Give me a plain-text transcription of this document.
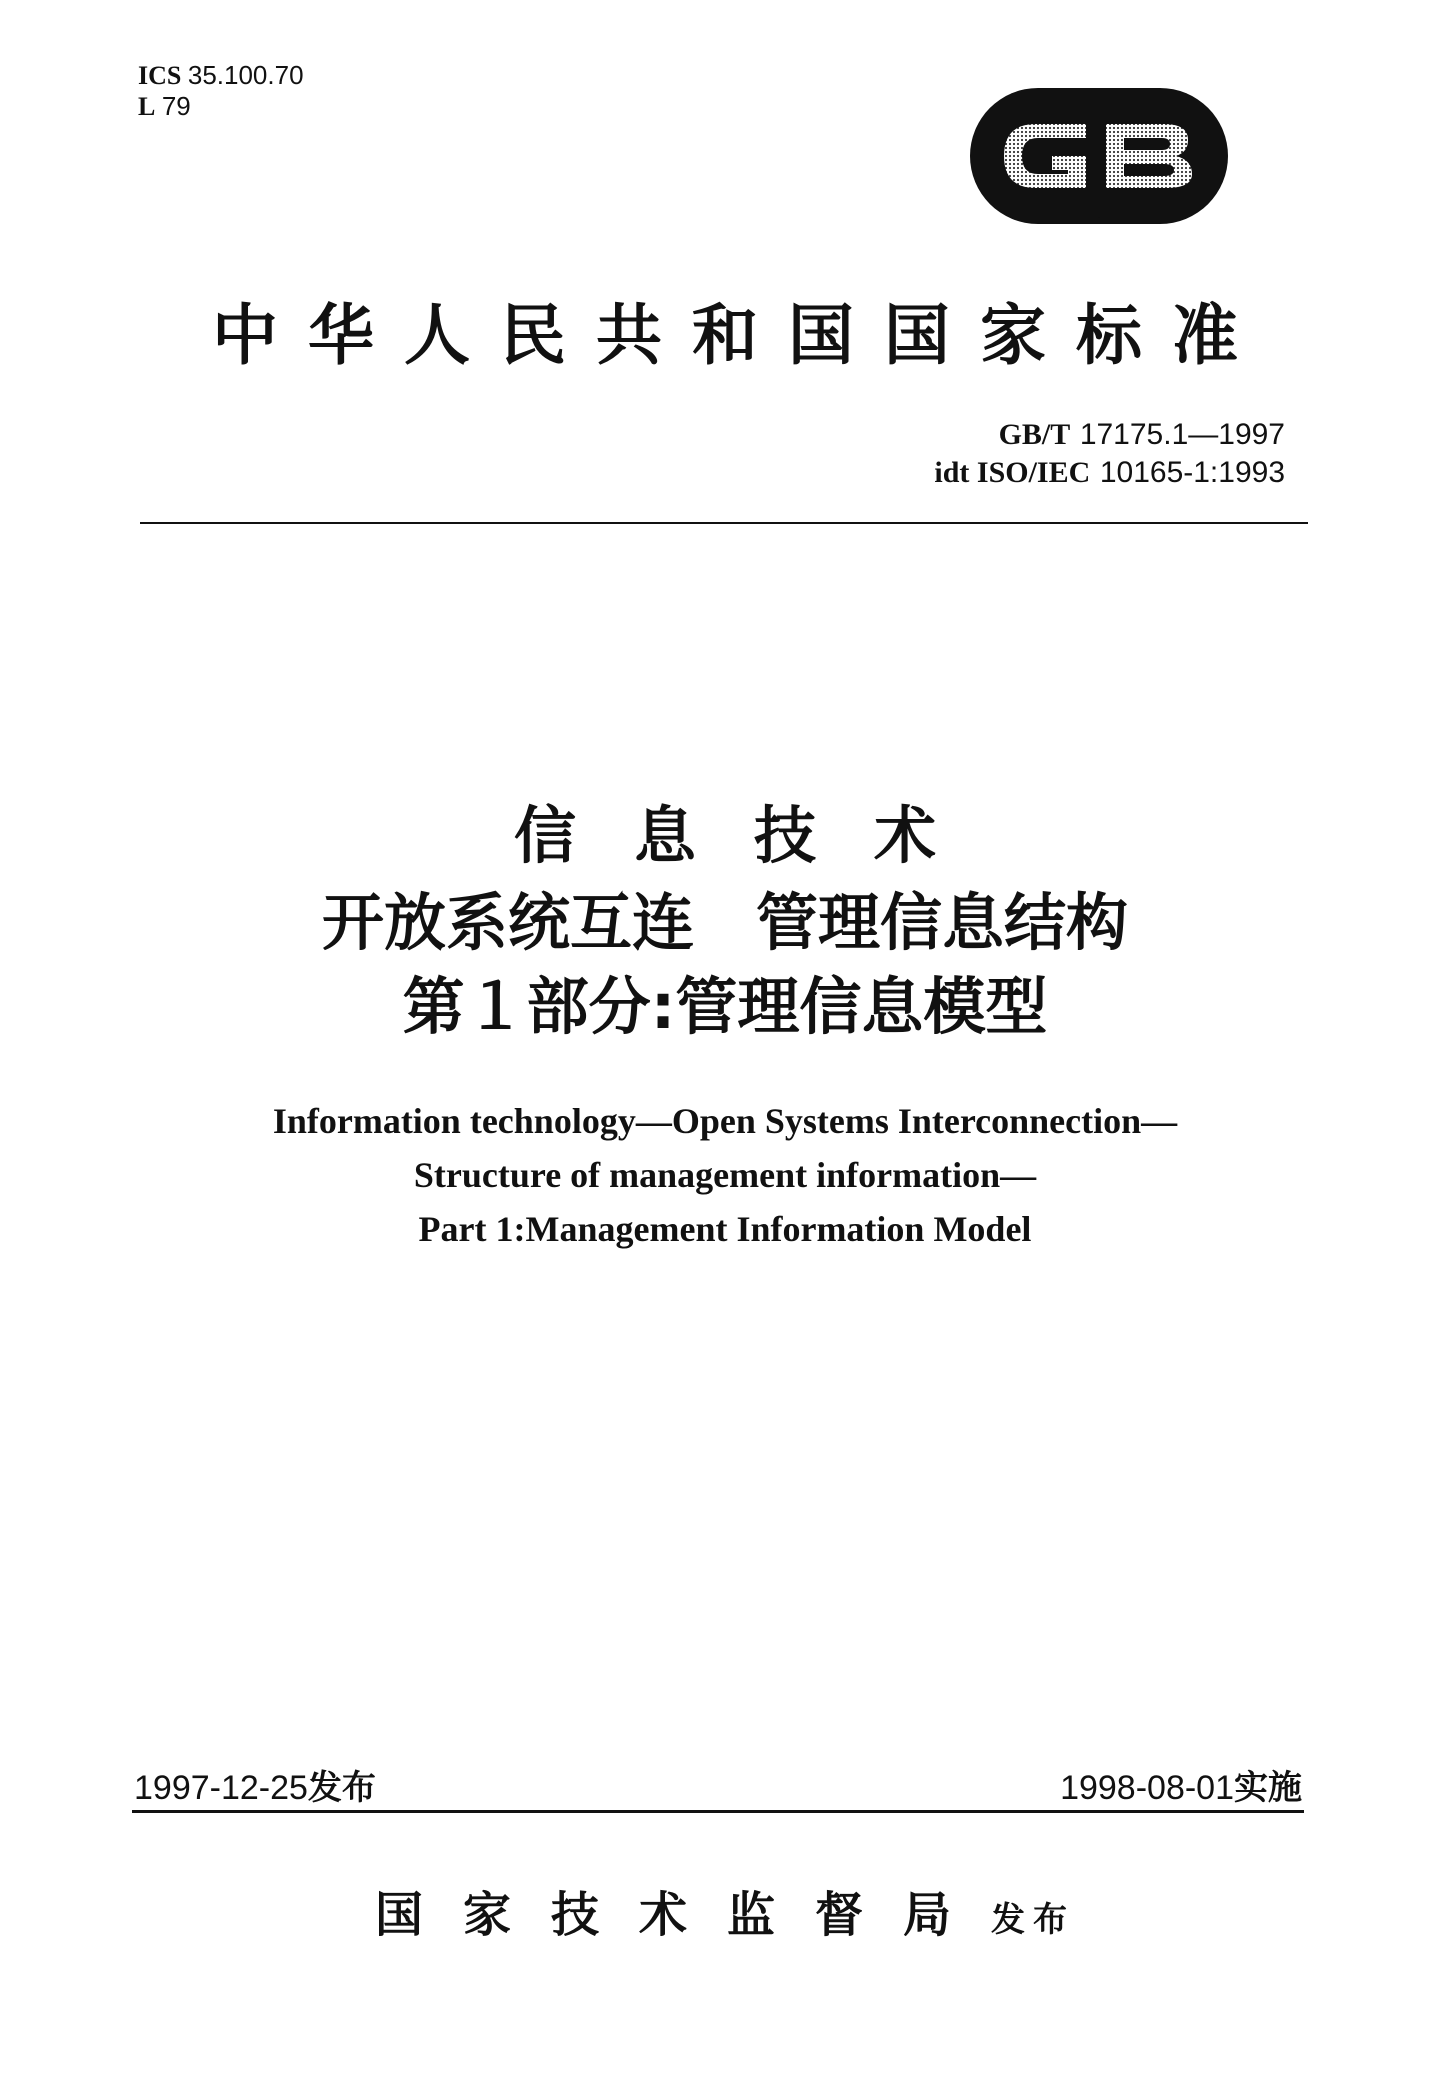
ICS 35.100.70
L 79
GB
中华人民共和国国家标准
GB/T 17175.1—1997
idt ISO/IEC 10165-1:1993
信息技术
开放系统互连　管理信息结构
第１部分:管理信息模型
Information technology—Open Systems Interconnection—
Structure of management information—
Part 1:Management Information Model
1997-12-25发布	1998-08-01实施
国家技术监督局发布
